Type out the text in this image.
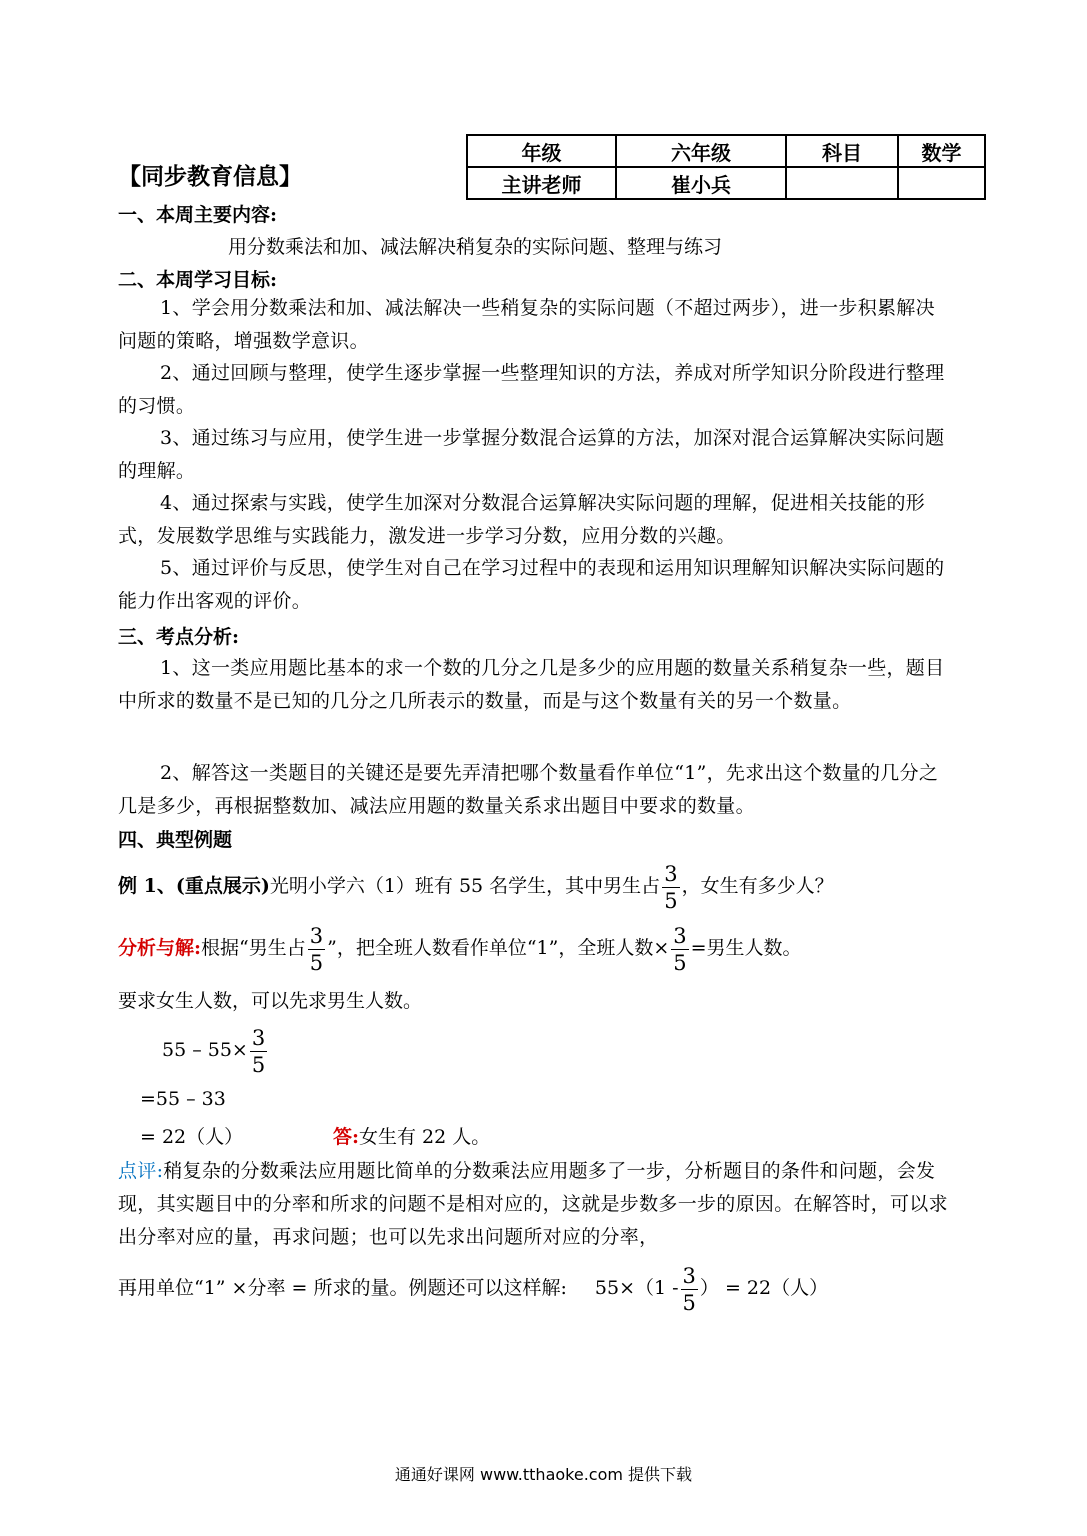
年级	六年级	科目	数学
主讲老师	崔小兵		
【同步教育信息】
一、本周主要内容:
用分数乘法和加、减法解决稍复杂的实际问题、整理与练习
二、本周学习目标:
1、学会用分数乘法和加、减法解决一些稍复杂的实际问题（不超过两步），进一步积累解决问题的策略，增强数学意识。
2、通过回顾与整理，使学生逐步掌握一些整理知识的方法，养成对所学知识分阶段进行整理的习惯。
3、通过练习与应用，使学生进一步掌握分数混合运算的方法，加深对混合运算解决实际问题的理解。
4、通过探索与实践，使学生加深对分数混合运算解决实际问题的理解，促进相关技能的形式，发展数学思维与实践能力，激发进一步学习分数，应用分数的兴趣。
5、通过评价与反思，使学生对自己在学习过程中的表现和运用知识理解知识解决实际问题的能力作出客观的评价。
三、考点分析:
1、这一类应用题比基本的求一个数的几分之几是多少的应用题的数量关系稍复杂一些，题目中所求的数量不是已知的几分之几所表示的数量，而是与这个数量有关的另一个数量。
2、解答这一类题目的关键还是要先弄清把哪个数量看作单位“1”，先求出这个数量的几分之几是多少，再根据整数加、减法应用题的数量关系求出题目中要求的数量。
四、典型例题
例 1、(重点展示)光明小学六（1）班有 55 名学生，其中男生占 $\frac{3}{5}$ ，女生有多少人？
分析与解:根据“男生占 $\frac{3}{5}$ ”，把全班人数看作单位“1”，全班人数× $\frac{3}{5}$ =男生人数。
要求女生人数，可以先求男生人数。
$55 - 55\times \frac{3}{5}$
=55 – 33
= 22（人）	答:女生有 22 人。
点评:稍复杂的分数乘法应用题比简单的分数乘法应用题多了一步，分析题目的条件和问题，会发现，其实题目中的分率和所求的问题不是相对应的，这就是步数多一步的原因。在解答时，可以求出分率对应的量，再求问题；也可以先求出问题所对应的分率，
再用单位“1” ×分率 = 所求的量。例题还可以这样解: $55\times(1 - \frac{3}{5}$ ） = 22（人）
通通好课网 www.tthaoke.com 提供下载
